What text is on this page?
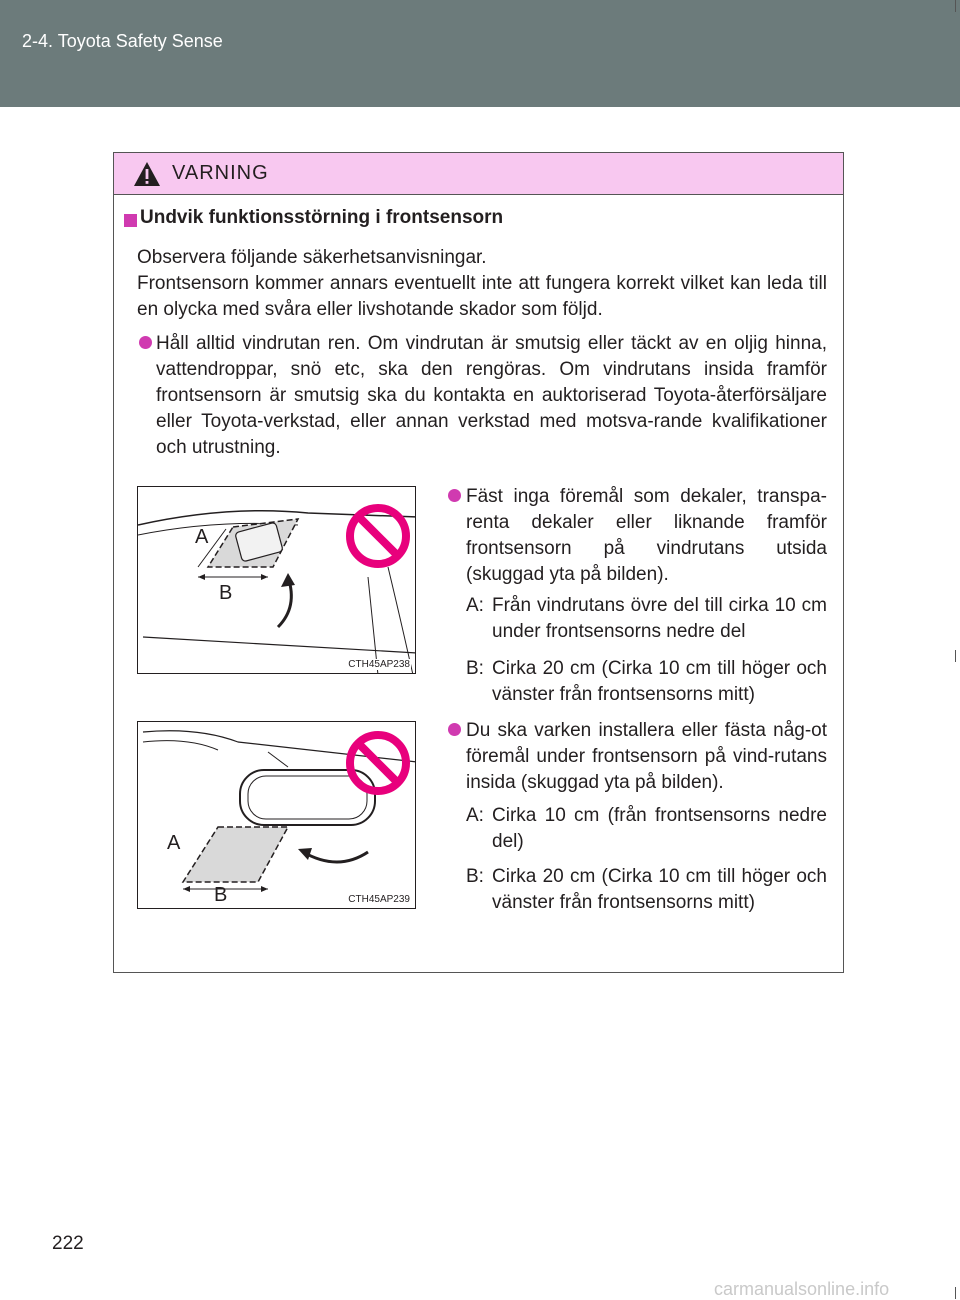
2-4. Toyota Safety Sense
VARNING
Undvik funktionsstörning i frontsensorn
Observera följande säkerhetsanvisningar.
Frontsensorn kommer annars eventuellt inte att fungera korrekt vilket kan leda till en olycka med svåra eller livshotande skador som följd.
Håll alltid vindrutan ren. Om vindrutan är smutsig eller täckt av en oljig hinna, vattendroppar, snö etc, ska den rengöras. Om vindrutans insida framför frontsensorn är smutsig ska du kontakta en auktoriserad Toyota-återförsäljare eller Toyota-verkstad, eller annan verkstad med motsva-rande kvalifikationer och utrustning.
A
B
CTH45AP238
A
B	CTH45AP239
Fäst inga föremål som dekaler, transpa-renta dekaler eller liknande framför frontsensorn på vindrutans utsida (skuggad yta på bilden).
A: Från vindrutans övre del till cirka 10 cm under frontsensorns nedre del
B: Cirka 20 cm (Cirka 10 cm till höger och vänster från frontsensorns mitt)
Du ska varken installera eller fästa någ-ot föremål under frontsensorn på vind-rutans insida (skuggad yta på bilden).
A: Cirka 10 cm (från frontsensorns nedre del)
B: Cirka 20 cm (Cirka 10 cm till höger och vänster från frontsensorns mitt)
222
carmanualsonline.info
